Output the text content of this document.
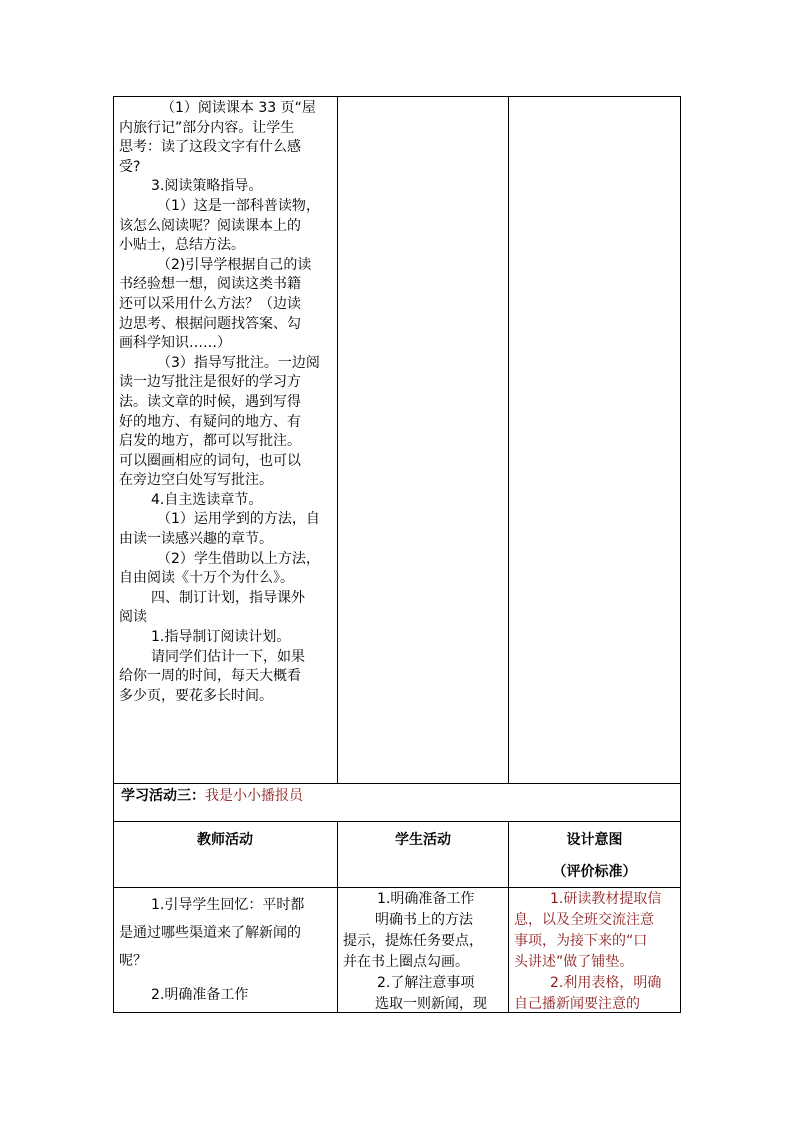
（1）阅读课本 33 页“屋

内旅行记”部分内容。让学生

思考：读了这段文字有什么感

受?

3.阅读策略指导。

（1）这是一部科普读物，

该怎么阅读呢？阅读课本上的

小贴士，总结方法。

（2)引导学根据自己的读

书经验想一想，阅读这类书籍

还可以采用什么方法？（边读

边思考、根据问题找答案、勾

画科学知识……）

（3）指导写批注。一边阅

读一边写批注是很好的学习方

法。读文章的时候，遇到写得

好的地方、有疑问的地方、有

启发的地方，都可以写批注。

可以圈画相应的词句，也可以

在旁边空白处写写批注。

4.自主选读章节。

（1）运用学到的方法，自

由读一读感兴趣的章节。

（2）学生借助以上方法，

自由阅读《十万个为什么》。

四、制订计划，指导课外

阅读

1.指导制订阅读计划。

请同学们估计一下，如果

给你一周的时间，每天大概看

多少页，要花多长时间。

学习活动三：我是小小播报员
教师活动	学生活动	设计意图
（评价标准）

1.引导学生回忆：平时都

是通过哪些渠道来了解新闻的

呢？

2.明确准备工作

1.明确准备工作

明确书上的方法

提示，提炼任务要点，

并在书上圈点勾画。

2.了解注意事项

选取一则新闻，现

1.研读教材提取信

息，以及全班交流注意

事项，为接下来的“口

头讲述”做了铺垫。

2.利用表格，明确

自己播新闻要注意的
